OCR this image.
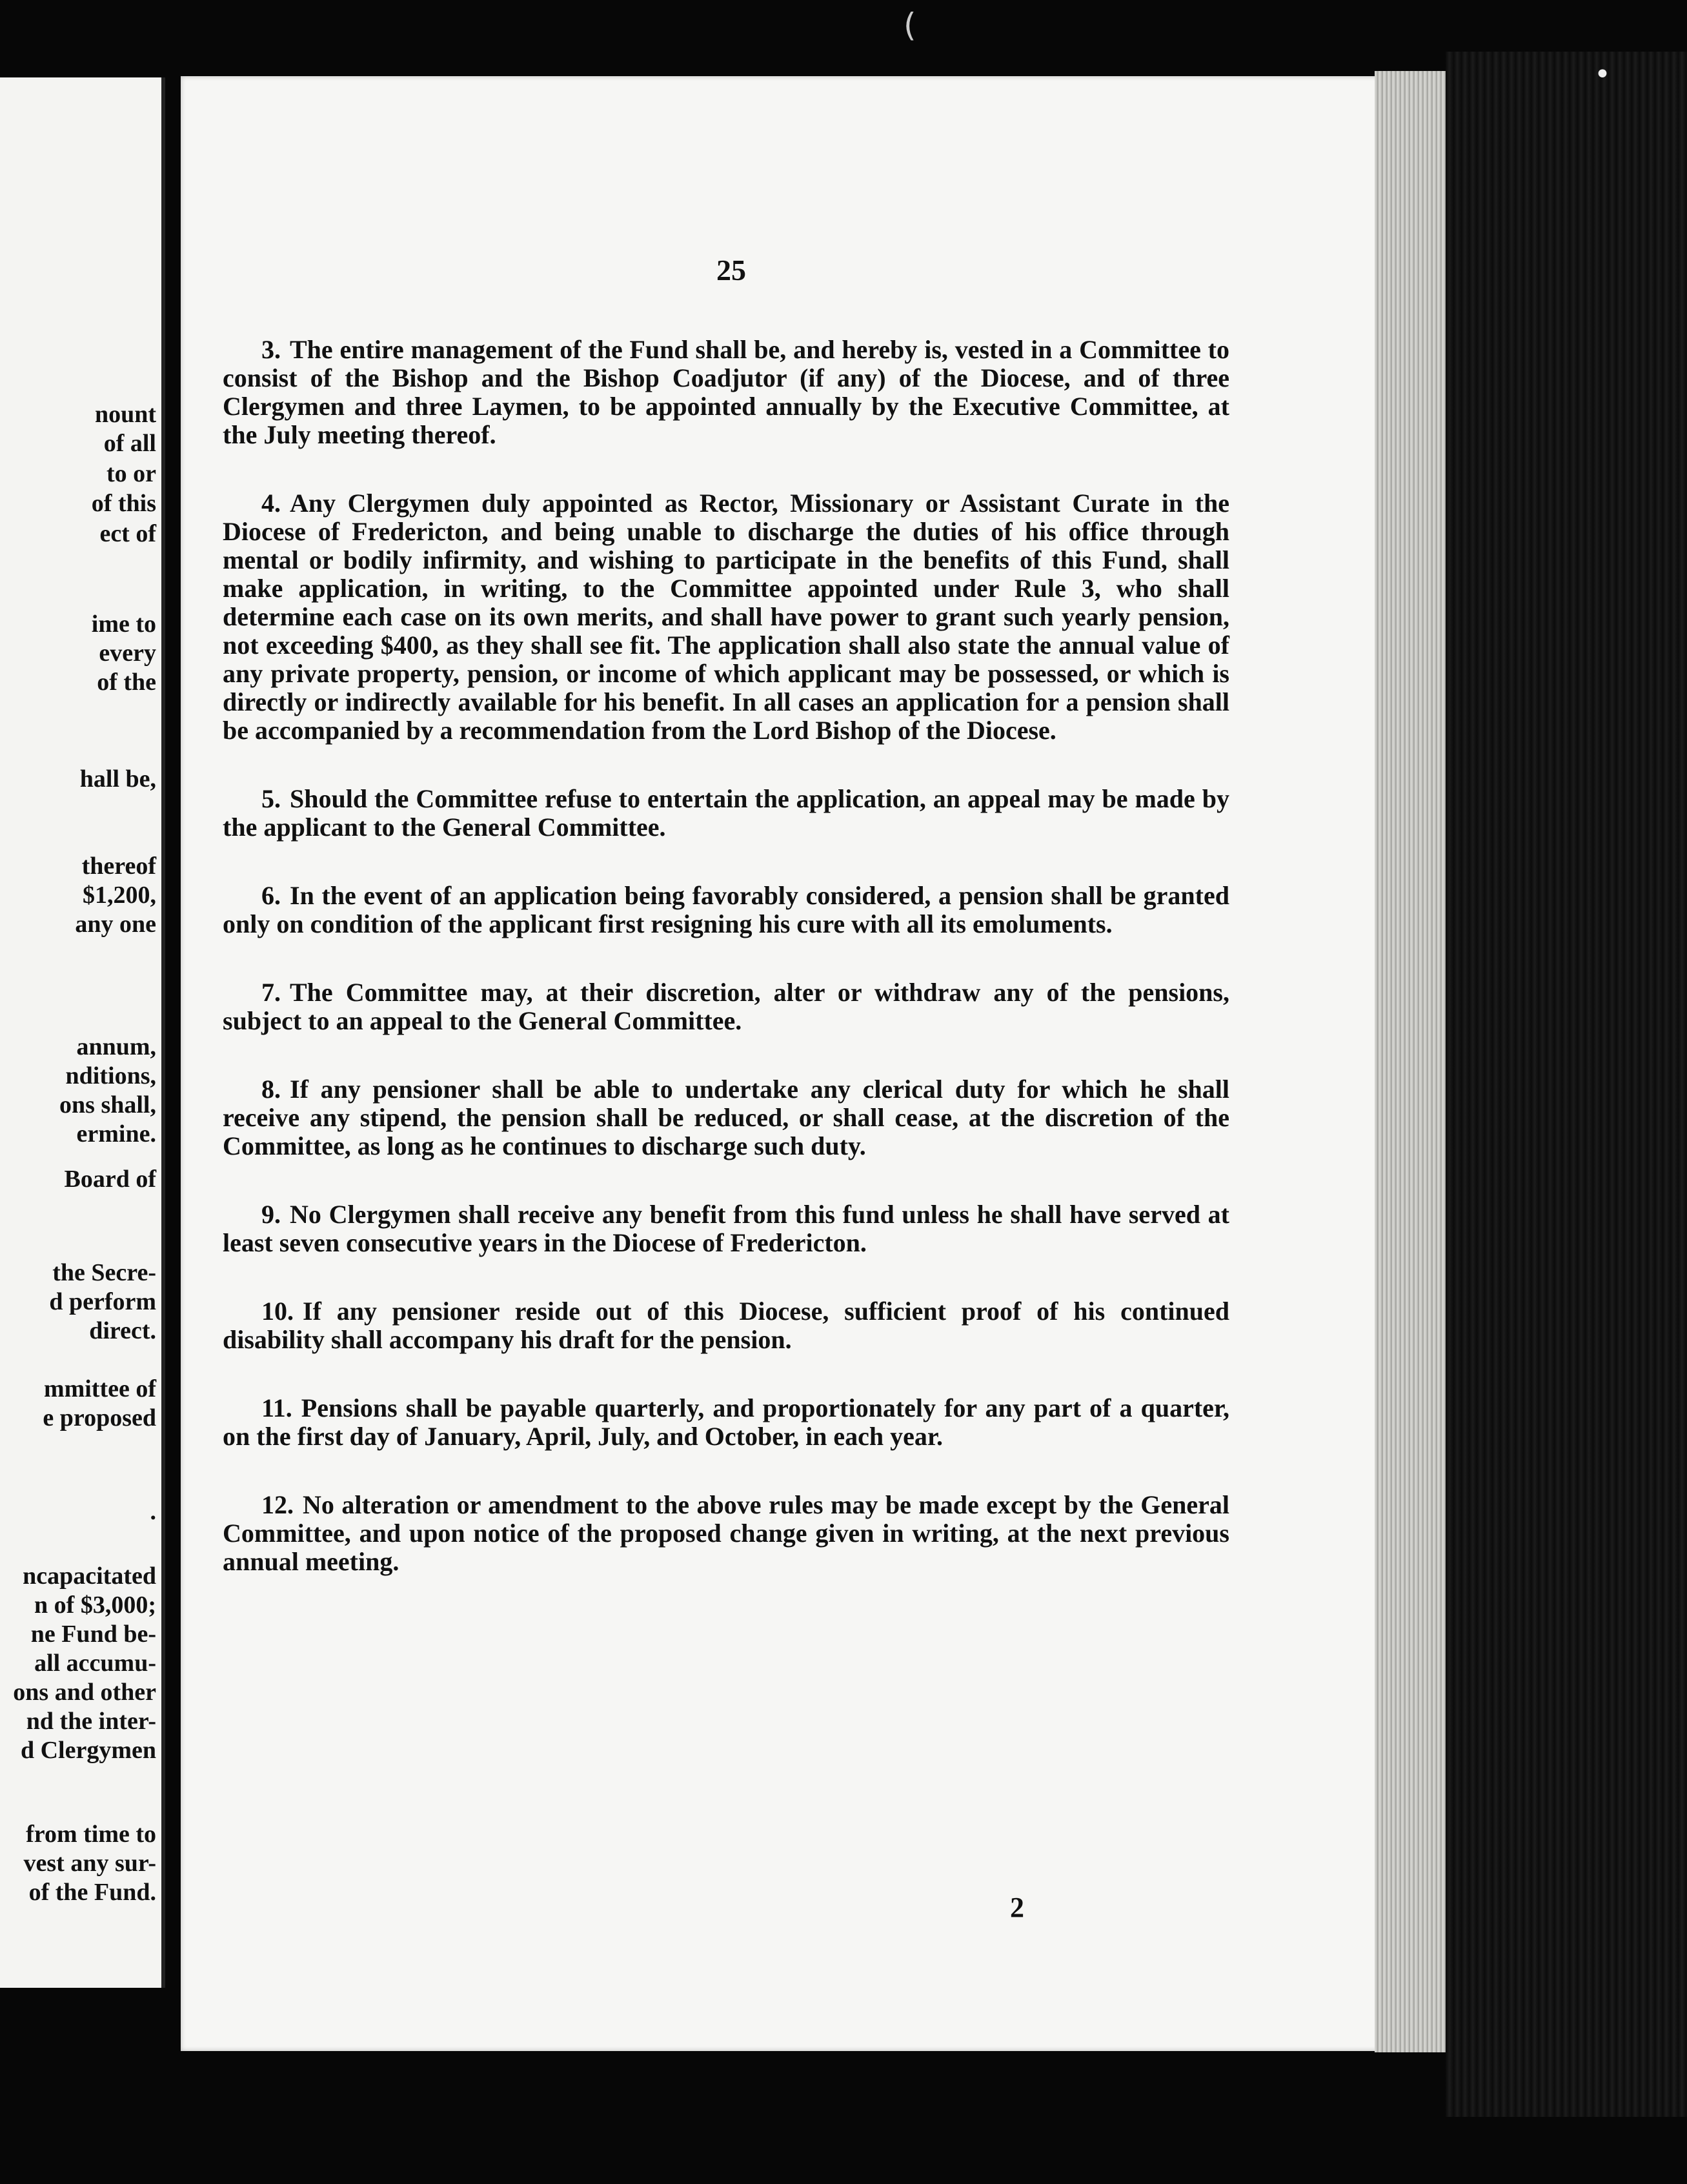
•
(
nount
of all
to or
of this
ect of
ime to
every
of the
hall be,
thereof
$1,200,
any one
annum,
nditions,
ons shall,
ermine.
Board of
the Secre-
d perform
direct.
mmittee of
e proposed
.
ncapacitated
n of $3,000;
ne Fund be-
all accumu-
ons and other
nd the inter-
d Clergymen
from time to
vest any sur-
of the Fund.
25

3. The entire management of the Fund shall be, and hereby is, vested in a Committee to consist of the Bishop and the Bishop Coadjutor (if any) of the Diocese, and of three Clergymen and three Laymen, to be appointed annually by the Executive Committee, at the July meeting thereof.

4. Any Clergymen duly appointed as Rector, Missionary or Assistant Curate in the Diocese of Fredericton, and being unable to discharge the duties of his office through mental or bodily infirmity, and wishing to participate in the benefits of this Fund, shall make application, in writing, to the Committee appointed under Rule 3, who shall determine each case on its own merits, and shall have power to grant such yearly pension, not exceeding $400, as they shall see fit. The application shall also state the annual value of any private property, pension, or income of which applicant may be possessed, or which is directly or indirectly available for his benefit. In all cases an application for a pension shall be accompanied by a recommendation from the Lord Bishop of the Diocese.

5. Should the Committee refuse to entertain the application, an appeal may be made by the applicant to the General Committee.

6. In the event of an application being favorably considered, a pension shall be granted only on condition of the applicant first resigning his cure with all its emoluments.

7. The Committee may, at their discretion, alter or withdraw any of the pensions, subject to an appeal to the General Committee.

8. If any pensioner shall be able to undertake any clerical duty for which he shall receive any stipend, the pension shall be reduced, or shall cease, at the discretion of the Committee, as long as he continues to discharge such duty.

9. No Clergymen shall receive any benefit from this fund unless he shall have served at least seven consecutive years in the Diocese of Fredericton.

10. If any pensioner reside out of this Diocese, sufficient proof of his continued disability shall accompany his draft for the pension.

11. Pensions shall be payable quarterly, and proportionately for any part of a quarter, on the first day of January, April, July, and October, in each year.

12. No alteration or amendment to the above rules may be made except by the General Committee, and upon notice of the proposed change given in writing, at the next previous annual meeting.

2
